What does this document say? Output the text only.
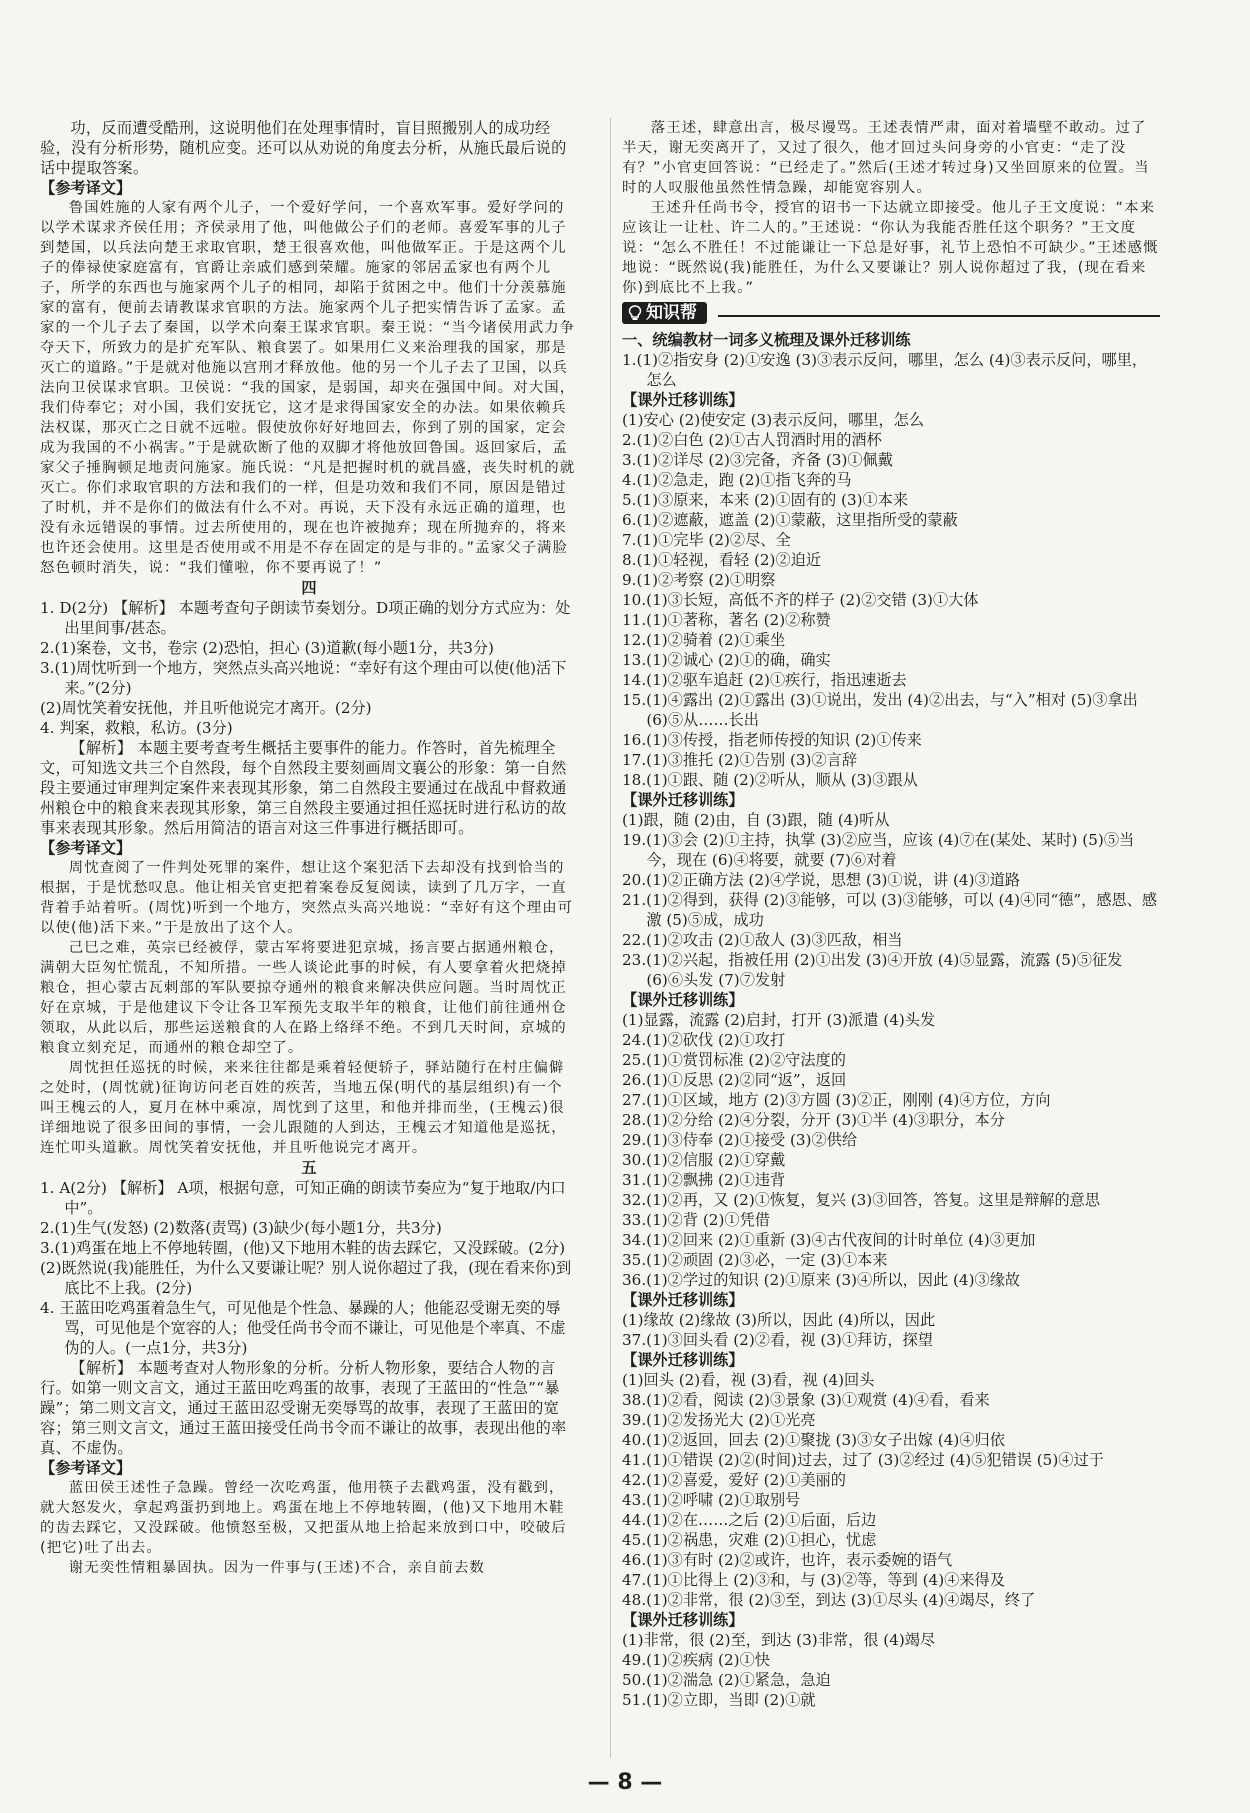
功，反而遭受酷刑，这说明他们在处理事情时，盲目照搬别人的成功经验，没有分析形势，随机应变。还可以从劝说的角度去分析，从施氏最后说的话中提取答案。

【参考译文】

鲁国姓施的人家有两个儿子，一个爱好学问，一个喜欢军事。爱好学问的以学术谋求齐侯任用；齐侯录用了他，叫他做公子们的老师。喜爱军事的儿子到楚国，以兵法向楚王求取官职，楚王很喜欢他，叫他做军正。于是这两个儿子的俸禄使家庭富有，官爵让亲戚们感到荣耀。施家的邻居孟家也有两个儿子，所学的东西也与施家两个儿子的相同，却陷于贫困之中。他们十分羡慕施家的富有，便前去请教谋求官职的方法。施家两个儿子把实情告诉了孟家。孟家的一个儿子去了秦国，以学术向秦王谋求官职。秦王说：“当今诸侯用武力争夺天下，所致力的是扩充军队、粮食罢了。如果用仁义来治理我的国家，那是灭亡的道路。”于是就对他施以宫刑才释放他。他的另一个儿子去了卫国，以兵法向卫侯谋求官职。卫侯说：“我的国家，是弱国，却夹在强国中间。对大国，我们侍奉它；对小国，我们安抚它，这才是求得国家安全的办法。如果依赖兵法权谋，那灭亡之日就不远啦。假使放你好好地回去，你到了别的国家，定会成为我国的不小祸害。”于是就砍断了他的双脚才将他放回鲁国。返回家后，孟家父子捶胸顿足地责问施家。施氏说：“凡是把握时机的就昌盛，丧失时机的就灭亡。你们求取官职的方法和我们的一样，但是功效和我们不同，原因是错过了时机，并不是你们的做法有什么不对。再说，天下没有永远正确的道理，也没有永远错误的事情。过去所使用的，现在也许被抛弃；现在所抛弃的，将来也许还会使用。这里是否使用或不用是不存在固定的是与非的。”孟家父子满脸怒色顿时消失，说：“我们懂啦，你不要再说了！”

四

1. D(2分) 【解析】 本题考查句子朗读节奏划分。D项正确的划分方式应为：处出里间事/甚态。

2.(1)案卷，文书，卷宗 (2)恐怕，担心 (3)道歉(每小题1分，共3分)

3.(1)周忱听到一个地方，突然点头高兴地说：“幸好有这个理由可以使(他)活下来。”(2分)

(2)周忱笑着安抚他，并且听他说完才离开。(2分)

4. 判案，救粮，私访。(3分)

【解析】 本题主要考查考生概括主要事件的能力。作答时，首先梳理全文，可知选文共三个自然段，每个自然段主要刻画周文襄公的形象：第一自然段主要通过审理判定案件来表现其形象，第二自然段主要通过在战乱中督救通州粮仓中的粮食来表现其形象，第三自然段主要通过担任巡抚时进行私访的故事来表现其形象。然后用简洁的语言对这三件事进行概括即可。

【参考译文】

周忱查阅了一件判处死罪的案件，想让这个案犯活下去却没有找到恰当的根据，于是忧愁叹息。他让相关官吏把着案卷反复阅读，读到了几万字，一直背着手站着听。(周忱)听到一个地方，突然点头高兴地说：“幸好有这个理由可以使(他)活下来。”于是放出了这个人。

己巳之难，英宗已经被俘，蒙古军将要进犯京城，扬言要占据通州粮仓，满朝大臣匆忙慌乱，不知所措。一些人谈论此事的时候，有人要拿着火把烧掉粮仓，担心蒙古瓦剌部的军队要掠夺通州的粮食来解决供应问题。当时周忱正好在京城，于是他建议下令让各卫军预先支取半年的粮食，让他们前往通州仓领取，从此以后，那些运送粮食的人在路上络绎不绝。不到几天时间，京城的粮食立刻充足，而通州的粮仓却空了。

周忱担任巡抚的时候，来来往往都是乘着轻便轿子，驿站随行在村庄偏僻之处时，(周忱就)征询访问老百姓的疾苦，当地五保(明代的基层组织)有一个叫王槐云的人，夏月在林中乘凉，周忱到了这里，和他并排而坐，(王槐云)很详细地说了很多田间的事情，一会儿跟随的人到达，王槐云才知道他是巡抚，连忙叩头道歉。周忱笑着安抚他，并且听他说完才离开。

五

1. A(2分) 【解析】 A项，根据句意，可知正确的朗读节奏应为“复于地取/内口中”。

2.(1)生气(发怒) (2)数落(责骂) (3)缺少(每小题1分，共3分)

3.(1)鸡蛋在地上不停地转圈，(他)又下地用木鞋的齿去踩它，又没踩破。(2分)

(2)既然说(我)能胜任，为什么又要谦让呢？别人说你超过了我，(现在看来你)到底比不上我。(2分)

4. 王蓝田吃鸡蛋着急生气，可见他是个性急、暴躁的人；他能忍受谢无奕的辱骂，可见他是个宽容的人；他受任尚书令而不谦让，可见他是个率真、不虚伪的人。(一点1分，共3分)

【解析】 本题考查对人物形象的分析。分析人物形象，要结合人物的言行。如第一则文言文，通过王蓝田吃鸡蛋的故事，表现了王蓝田的“性急”“暴躁”；第二则文言文，通过王蓝田忍受谢无奕辱骂的故事，表现了王蓝田的宽容；第三则文言文，通过王蓝田接受任尚书令而不谦让的故事，表现出他的率真、不虚伪。

【参考译文】

蓝田侯王述性子急躁。曾经一次吃鸡蛋，他用筷子去戳鸡蛋，没有戳到，就大怒发火，拿起鸡蛋扔到地上。鸡蛋在地上不停地转圈，(他)又下地用木鞋的齿去踩它，又没踩破。他愤怒至极，又把蛋从地上拾起来放到口中，咬破后(把它)吐了出去。

谢无奕性情粗暴固执。因为一件事与(王述)不合，亲自前去数

落王述，肆意出言，极尽谩骂。王述表情严肃，面对着墙壁不敢动。过了半天，谢无奕离开了，又过了很久，他才回过头问身旁的小官吏：“走了没有？”小官吏回答说：“已经走了。”然后(王述才转过身)又坐回原来的位置。当时的人叹服他虽然性情急躁，却能宽容别人。

王述升任尚书令，授官的诏书一下达就立即接受。他儿子王文度说：“本来应该让一让杜、许二人的。”王述说：“你认为我能否胜任这个职务？”王文度说：“怎么不胜任！不过能谦让一下总是好事，礼节上恐怕不可缺少。”王述感慨地说：“既然说(我)能胜任，为什么又要谦让？别人说你超过了我，(现在看来你)到底比不上我。”

知识帮

一、统编教材一词多义梳理及课外迁移训练

1.(1)②指安身 (2)①安逸 (3)③表示反问，哪里，怎么 (4)③表示反问，哪里，怎么
【课外迁移训练】
(1)安心 (2)使安定 (3)表示反问，哪里，怎么
2.(1)②白色 (2)①古人罚酒时用的酒杯
3.(1)②详尽 (2)③完备，齐备 (3)①佩戴
4.(1)②急走，跑 (2)①指飞奔的马
5.(1)③原来，本来 (2)①固有的 (3)①本来
6.(1)②遮蔽，遮盖 (2)①蒙蔽，这里指所受的蒙蔽
7.(1)①完毕 (2)②尽、全
8.(1)①轻视，看轻 (2)②迫近
9.(1)②考察 (2)①明察
10.(1)③长短，高低不齐的样子 (2)②交错 (3)①大体
11.(1)①著称，著名 (2)②称赞
12.(1)②骑着 (2)①乘坐
13.(1)②诚心 (2)①的确，确实
14.(1)②驱车追赶 (2)①疾行，指迅速逝去
15.(1)④露出 (2)①露出 (3)①说出，发出 (4)②出去，与“入”相对 (5)③拿出 (6)⑤从……长出
16.(1)③传授，指老师传授的知识 (2)①传来
17.(1)③推托 (2)①告别 (3)②言辞
18.(1)①跟、随 (2)②听从，顺从 (3)③跟从
【课外迁移训练】
(1)跟，随 (2)由，自 (3)跟，随 (4)听从
19.(1)③会 (2)①主持，执掌 (3)②应当，应该 (4)⑦在(某处、某时) (5)⑤当今，现在 (6)④将要，就要 (7)⑥对着
20.(1)②正确方法 (2)④学说，思想 (3)①说，讲 (4)③道路
21.(1)②得到，获得 (2)③能够，可以 (3)③能够，可以 (4)④同“德”，感恩、感激 (5)⑤成，成功
22.(1)②攻击 (2)①敌人 (3)③匹敌，相当
23.(1)②兴起，指被任用 (2)①出发 (3)④开放 (4)⑤显露，流露 (5)⑤征发 (6)⑥头发 (7)⑦发射
【课外迁移训练】
(1)显露，流露 (2)启封，打开 (3)派遣 (4)头发
24.(1)②砍伐 (2)①攻打
25.(1)①赏罚标准 (2)②守法度的
26.(1)①反思 (2)②同“返”，返回
27.(1)①区域，地方 (2)③方圆 (3)②正，刚刚 (4)④方位，方向
28.(1)②分给 (2)④分裂，分开 (3)①半 (4)③职分，本分
29.(1)③侍奉 (2)①接受 (3)②供给
30.(1)②信服 (2)①穿戴
31.(1)②飘拂 (2)①违背
32.(1)②再，又 (2)①恢复，复兴 (3)③回答，答复。这里是辩解的意思
33.(1)②背 (2)①凭借
34.(1)②回来 (2)①重新 (3)④古代夜间的计时单位 (4)③更加
35.(1)②顽固 (2)③必，一定 (3)①本来
36.(1)②学过的知识 (2)①原来 (3)④所以，因此 (4)③缘故
【课外迁移训练】
(1)缘故 (2)缘故 (3)所以，因此 (4)所以，因此
37.(1)③回头看 (2)②看，视 (3)①拜访，探望
【课外迁移训练】
(1)回头 (2)看，视 (3)看，视 (4)回头
38.(1)②看，阅读 (2)③景象 (3)①观赏 (4)④看，看来
39.(1)②发扬光大 (2)①光亮
40.(1)②返回，回去 (2)①聚拢 (3)③女子出嫁 (4)④归依
41.(1)①错误 (2)②(时间)过去，过了 (3)②经过 (4)⑤犯错误 (5)④过于
42.(1)②喜爱，爱好 (2)①美丽的
43.(1)②呼啸 (2)①取别号
44.(1)②在……之后 (2)①后面，后边
45.(1)②祸患，灾难 (2)①担心，忧虑
46.(1)③有时 (2)②或许，也许，表示委婉的语气
47.(1)①比得上 (2)③和，与 (3)②等，等到 (4)④来得及
48.(1)②非常，很 (2)③至，到达 (3)①尽头 (4)④竭尽，终了
【课外迁移训练】
(1)非常，很 (2)至，到达 (3)非常，很 (4)竭尽
49.(1)②疾病 (2)①快
50.(1)②湍急 (2)①紧急，急迫
51.(1)②立即，当即 (2)①就
— 8 —
